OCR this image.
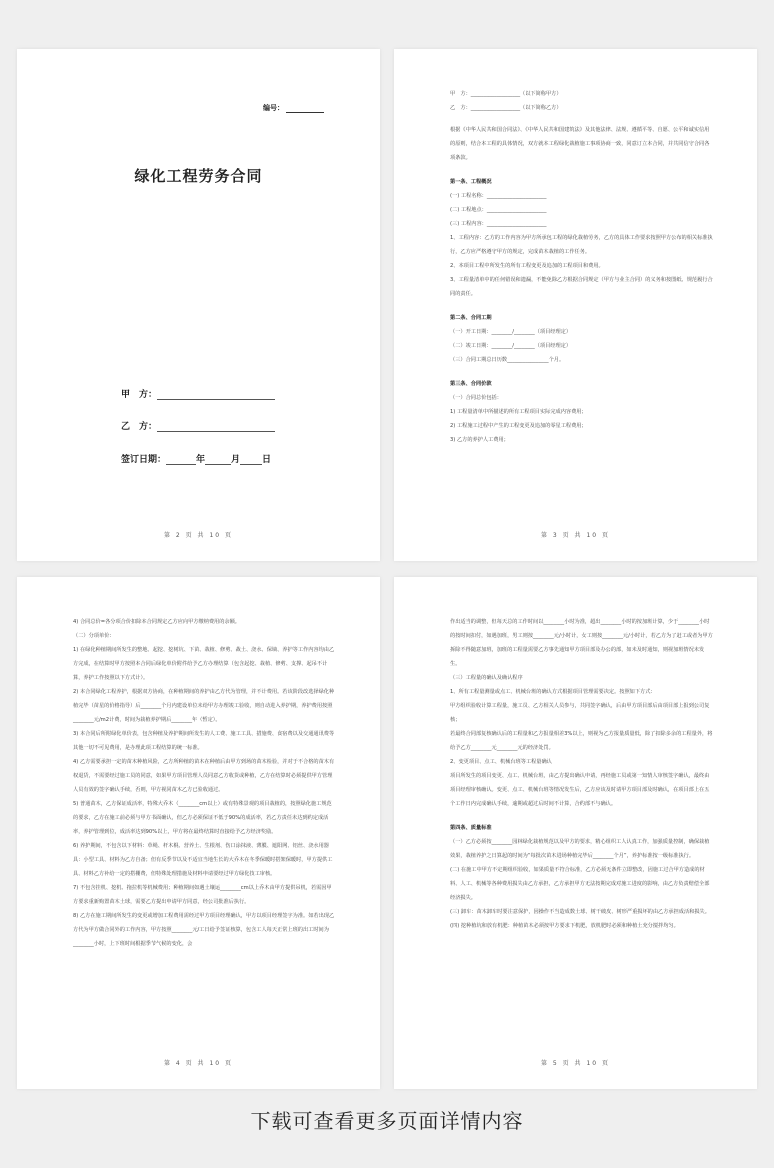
编号：
绿化工程劳务合同
甲　方：
乙　方：
签订日期：	年	月 日
第 2 页 共 10 页

甲　方：___________________（以下简称甲方）

乙　方：___________________（以下简称乙方）

根据《中华人民共和国合同法》、《中华人民共和国建筑法》及其他法律、法规、遵循平等、自愿、公平和诚实信用的原则，结合本工程的具体情况，双方就本工程绿化栽植施工事项协商一致，同意订立本合同，并共同信守合同各项条款。

第一条、工程概况

(一) 工程名称：_______________________

(二) 工程地点：_______________________

(三) 工程内容：_______________________

1、工程内容：乙方的工作内容为甲方所承包工程的绿化栽植劳务，乙方的具体工作要求按照甲方公布的相关标准执行，乙方应严格遵守甲方的规定，完成苗木栽植的工作任务。

2、本项目工程中所发生的所有工程变更及追加的工程项目和费用。

3、工程量清单中的任何错误和遗漏，不能免除乙方根据合同规定（甲方与业主合同）的义务和按图纸、规范履行合同的责任。

第二条、合同工期

（一）开工日期：________/________（项目经理定）

（二）竣工日期：________/________（项目经理定）

（三）合同工期总日历数________________个月。

第三条、合同价款

（一）合同总价包括：

1) 工程量清单中所描述的所有工程项目实际完成内容费用；

2) 工程施工过程中产生的工程变更及追加的零星工程费用；

3) 乙方的养护人工费用；

第 3 页 共 10 页

4) 合同总价=各分项合价扣除本合同规定乙方应向甲方缴纳费用的余额。

（二）分项单价：

1) 在绿化种植期间所发生的整地、起挖、挖树坑、下苗、栽植、修剪、裁土、浇水、保墒、养护等工作内容均由乙方完成，在结算时甲方按照本合同后绿化单价附件给予乙方办理结算（包含起挖、栽植、修剪、支撑、起吊不计算，养护工作按照以下方式计）。

2) 本合同绿化工程养护，根据双方协商，在种植期间的养护由乙方代为管理，并不计费用。若该阶段改选择绿化种植完毕（苗星的价格指导）后________个月内建设单位未给甲方办理竣工验收，则自动进入养护期，养护费用按照________元/m2计费，时间为栽植养护期后________年（暂定）。

3) 本合同后所附绿化单价表，包含种植及养护期间所发生的人工费、施工工具、措施费、食宿费以及交通通讯费等其他一切不可见费用，是办理此项工程结算的统一标准。

4) 乙方需要承担一定的苗木种植风险，乙方所种植的苗木在种植后由甲方到场的苗木检验，并对于不合格的苗木有权退货，不需要经过施工员的同意，如果甲方项目管理人员同意乙方收货或种植，乙方在结算时必须提供甲方管理人员有效的签字确认手续，否则，甲方视同苗木乙方已验收通过。

5) 普通苗木，乙方保证成活率，特殊大乔木（________cm以上）或有特殊景观的项目栽植的，按照绿化施工规范的要求，乙方在施工前必须与甲方书面确认，但乙方必须保证不低于90%的成活率，若乙方责任未达到约定成活率，养护管理到位，成活率达到90%以上，甲方将在最终结算时直接给予乙方经济奖励。

6) 养护期间，不包含以下材料：草绳、杆木棍、营养土、生根剂、伤口涂抹液、薄膜、遮阳网、铝丝、浇水用器具：小型工具、材料为乙方自备；但有反季节以及不适宜当地生长的大乔木在冬季保暖时搭架保暖时，甲方提供工具、材料乙方补给一定的搭棚费，但特殊处理措施及材料申请要经过甲方绿化技工审核。

7) 不包含挂机、挖机、拖拉机等机械费用；种植期间如遇土壤运________cm以上乔木由甲方提供吊机，若需因甲方要求重新购置苗木土球，需要乙方提出申请甲方同意，经公司批准后执行。

8) 乙方在施工期间所发生的变更或增加工程费用需经过甲方项目经理确认，甲方以项目经理签字为准。如若出现乙方代为甲方做合同外的工作内容，甲方按照________元/工日给予签证核算，包含工人每天正常上班的出工时间为________小时，上下班时间根据季节气候的变化，会

第 4 页 共 10 页

作出适当的调整，但每天总的工作时间以________小时为准，超出________小时的按加班计算，少于________小时的按时间扣付，如遇加班，男工则按________元/小时计，女工则按________元/小时计，若乙方为了赶工或者为甲方拆除不得随意加班，加班的工程量需要乙方事先通知甲方项目部及办公的部，如未及时通知，则视加班情况未发生。

（三）工程量的确认及确认程序

1、所有工程量测量或点工、机械台班的确认方式根据项目管理需要决定。按照如下方式：

甲方组织验收计算工程量，施工员、乙方相关人员参与，共同签字确认，后由甲方项目部后由项目部上报到公司复核；

若最终合同部复核确认后的工程量和乙方报量相差3%以上，则视为乙方报量质量低，除了扣除多余的工程量外，将给予乙方________元________元的经济处罚。

2、变更项目、点工、机械台班等工程量确认

项目所发生的项目变更、点工、机械台班，由乙方提出确认申请，再经施工员或第一知情人审核签字确认，最终由项目经理审核确认。变更、点工、机械台班等情况发生后，乙方应该及时请甲方项目部及时确认，在项目部上在五个工作日内完成确认手续，逾期或超过后时间不计算，合约部不与确认。

第四条、质量标准

（一）乙方必须按________园林绿化栽植规范以及甲方的要求，精心组织工人认真工作，加强质量控制，确保栽植效果，栽植养护之日算起的时间为“每批次苗木进场种植完毕后________个月”，养护标准按一级标准执行。

(二) 在施工中甲方不定期组织验收，如果质量不符合标准，乙方必须无条件立即整改，因施工过合甲方造成的材料、人工、机械等各种费用损失由乙方承担，乙方承担甲方无法按期完成对施工进度的影响，由乙方负责赔偿全部经济损失。

(三) 卸车：苗木卸车时要注意保护，因操作不当造成数土球、树干破皮、树形严重损坏的由乙方承担成活和损失。

(四) 挖种植坑和放有机肥：种植苗木必须按甲方要求下机肥，放机肥时必须和种植土充分搅拌均匀。

第 5 页 共 10 页
下载可查看更多页面详情内容
